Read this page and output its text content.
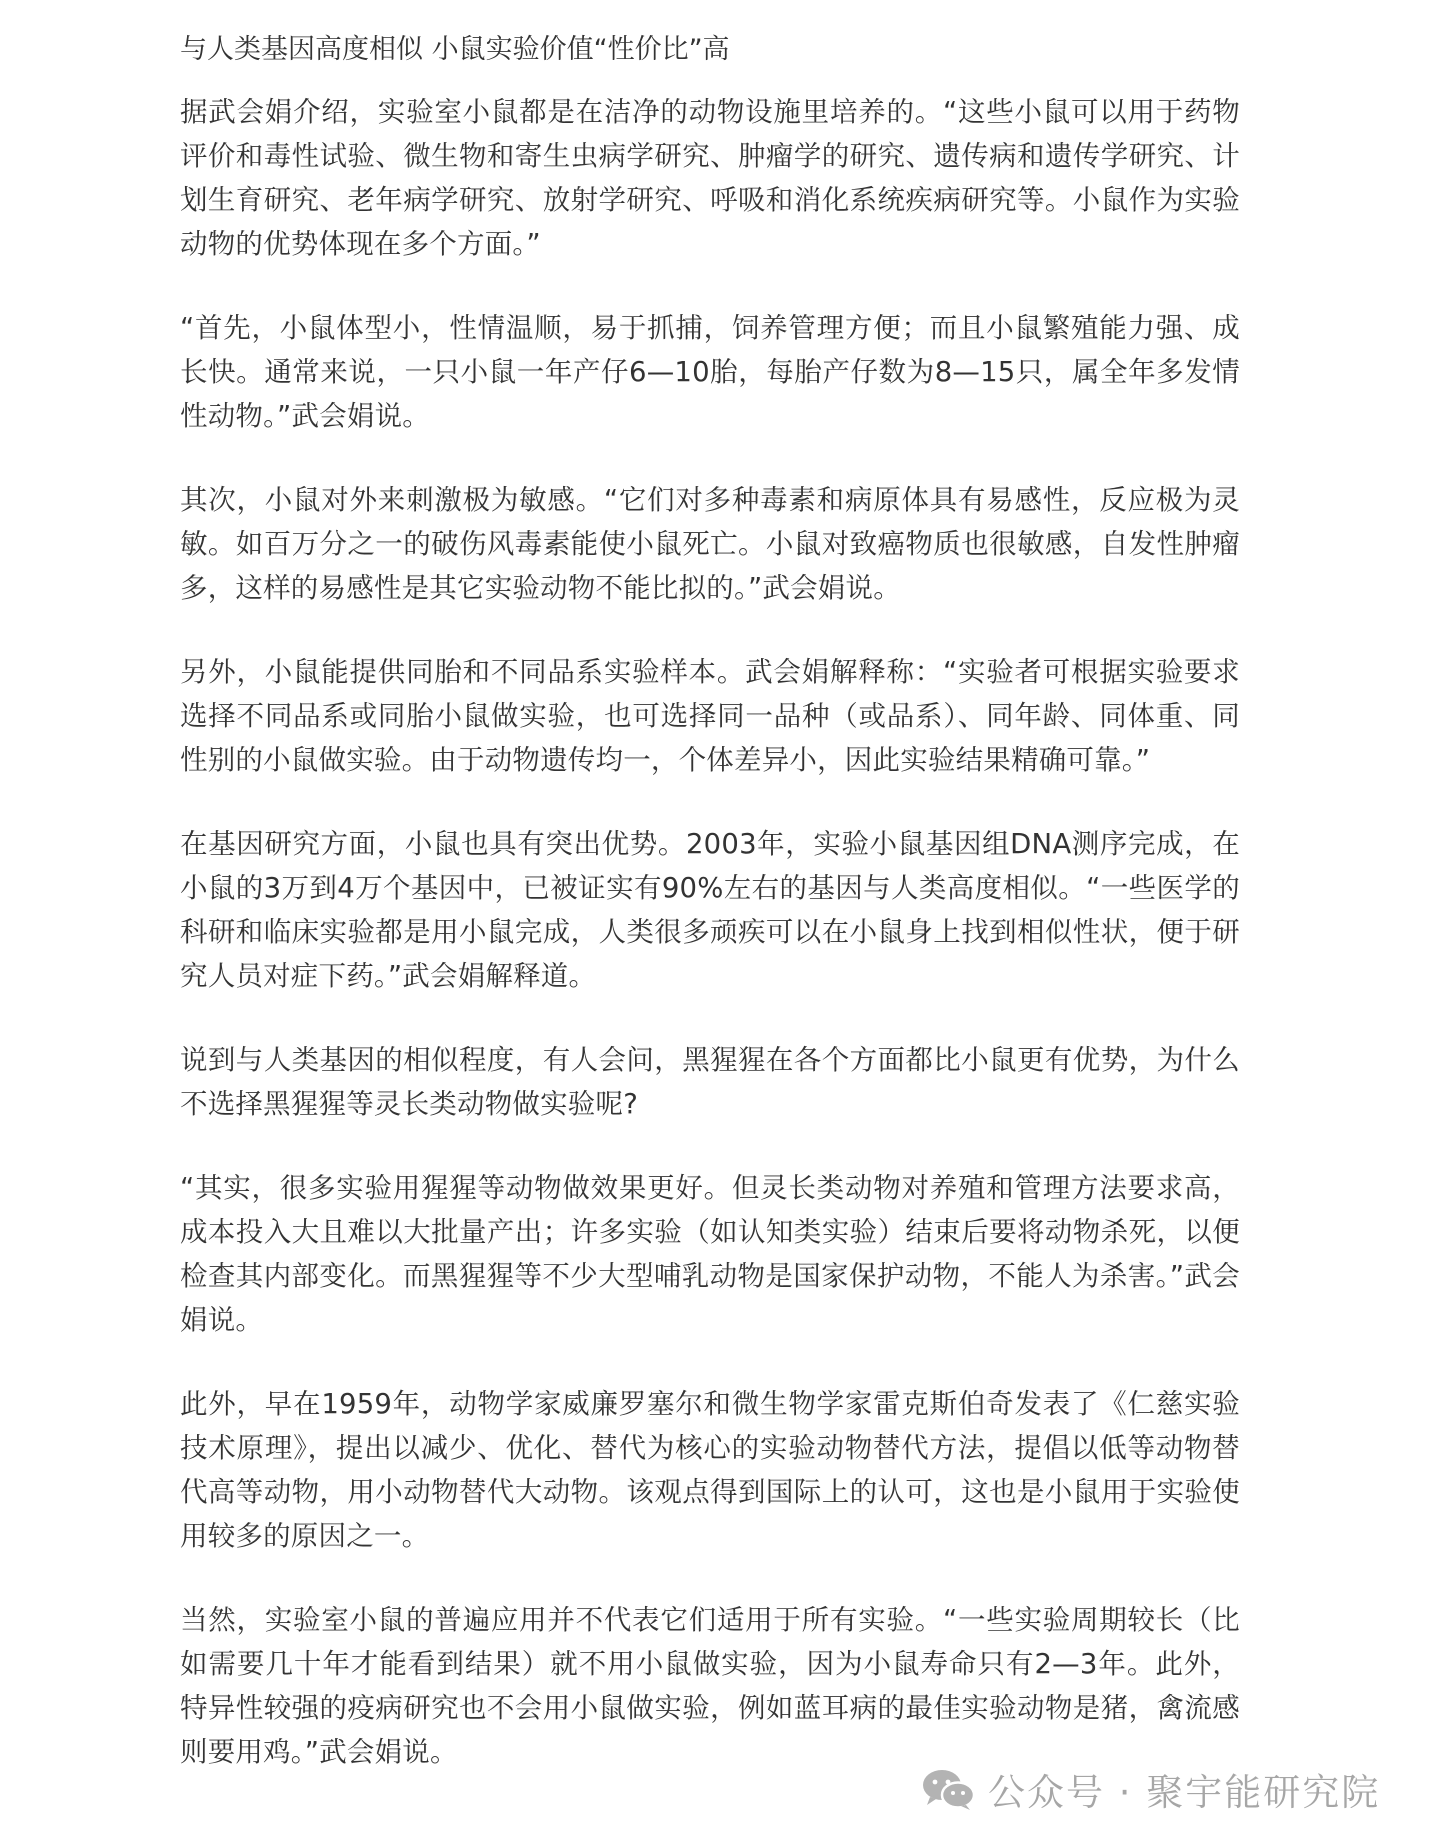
与人类基因高度相似 小鼠实验价值“性价比”高

据武会娟介绍，实验室小鼠都是在洁净的动物设施里培养的。“这些小鼠可以用于药物评价和毒性试验、微生物和寄生虫病学研究、肿瘤学的研究、遗传病和遗传学研究、计划生育研究、老年病学研究、放射学研究、呼吸和消化系统疾病研究等。小鼠作为实验动物的优势体现在多个方面。”

“首先，小鼠体型小，性情温顺，易于抓捕，饲养管理方便；而且小鼠繁殖能力强、成长快。通常来说，一只小鼠一年产仔6—10胎，每胎产仔数为8—15只，属全年多发情性动物。”武会娟说。

其次，小鼠对外来刺激极为敏感。“它们对多种毒素和病原体具有易感性，反应极为灵敏。如百万分之一的破伤风毒素能使小鼠死亡。小鼠对致癌物质也很敏感，自发性肿瘤多，这样的易感性是其它实验动物不能比拟的。”武会娟说。

另外，小鼠能提供同胎和不同品系实验样本。武会娟解释称：“实验者可根据实验要求选择不同品系或同胎小鼠做实验，也可选择同一品种（或品系）、同年龄、同体重、同性别的小鼠做实验。由于动物遗传均一，个体差异小，因此实验结果精确可靠。”

在基因研究方面，小鼠也具有突出优势。2003年，实验小鼠基因组DNA测序完成，在小鼠的3万到4万个基因中，已被证实有90%左右的基因与人类高度相似。“一些医学的科研和临床实验都是用小鼠完成，人类很多顽疾可以在小鼠身上找到相似性状，便于研究人员对症下药。”武会娟解释道。

说到与人类基因的相似程度，有人会问，黑猩猩在各个方面都比小鼠更有优势，为什么不选择黑猩猩等灵长类动物做实验呢?

“其实，很多实验用猩猩等动物做效果更好。但灵长类动物对养殖和管理方法要求高，成本投入大且难以大批量产出；许多实验（如认知类实验）结束后要将动物杀死，以便检查其内部变化。而黑猩猩等不少大型哺乳动物是国家保护动物，不能人为杀害。”武会娟说。

此外，早在1959年，动物学家威廉罗塞尔和微生物学家雷克斯伯奇发表了《仁慈实验技术原理》，提出以减少、优化、替代为核心的实验动物替代方法，提倡以低等动物替代高等动物，用小动物替代大动物。该观点得到国际上的认可，这也是小鼠用于实验使用较多的原因之一。

当然，实验室小鼠的普遍应用并不代表它们适用于所有实验。“一些实验周期较长（比如需要几十年才能看到结果）就不用小鼠做实验，因为小鼠寿命只有2—3年。此外，特异性较强的疫病研究也不会用小鼠做实验，例如蓝耳病的最佳实验动物是猪，禽流感则要用鸡。”武会娟说。

公众号 · 聚宇能研究院
